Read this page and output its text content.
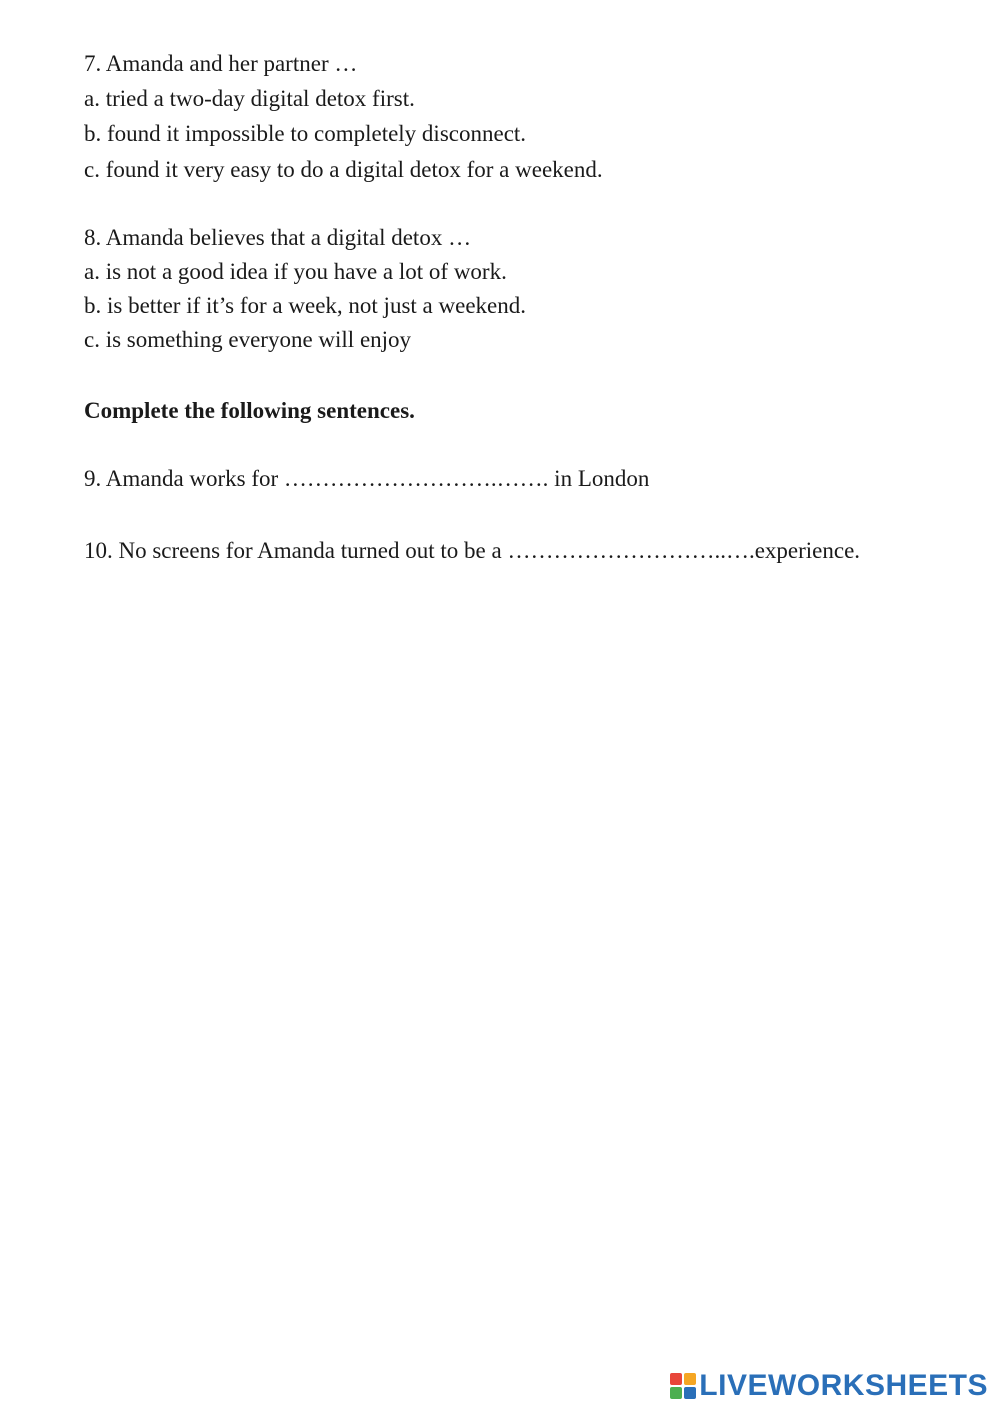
7. Amanda and her partner …
a. tried a two-day digital detox first.
b. found it impossible to completely disconnect.
c. found it very easy to do a digital detox for a weekend.
8. Amanda believes that a digital detox …
a. is not a good idea if you have a lot of work.
b. is better if it’s for a week, not just a weekend.
c. is something everyone will enjoy
Complete the following sentences.
9. Amanda works for ……………………….……. in London
10. No screens for Amanda turned out to be a ………………………..….experience.
LIVEWORKSHEETS
